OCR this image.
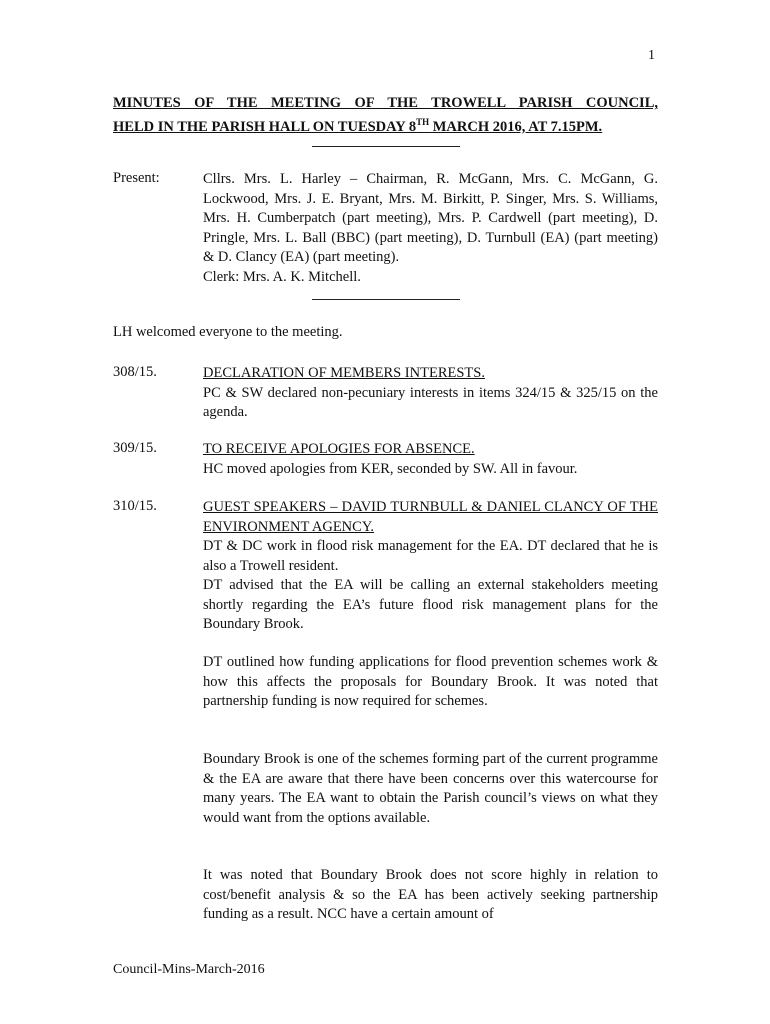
1
MINUTES OF THE MEETING OF THE TROWELL PARISH COUNCIL,
HELD IN THE PARISH HALL ON TUESDAY 8TH MARCH 2016, AT 7.15PM.
Present:	Cllrs. Mrs. L. Harley – Chairman, R. McGann, Mrs. C. McGann, G. Lockwood, Mrs. J. E. Bryant, Mrs. M. Birkitt, P. Singer, Mrs. S. Williams, Mrs. H. Cumberpatch (part meeting), Mrs. P. Cardwell (part meeting), D. Pringle, Mrs. L. Ball (BBC) (part meeting), D. Turnbull (EA) (part meeting) & D. Clancy (EA) (part meeting).

Clerk: Mrs. A. K. Mitchell.

LH welcomed everyone to the meeting.
308/15.	DECLARATION OF MEMBERS INTERESTS.

PC & SW declared non-pecuniary interests in items 324/15 & 325/15 on the agenda.

309/15.	TO RECEIVE APOLOGIES FOR ABSENCE.

HC moved apologies from KER, seconded by SW. All in favour.

310/15.	GUEST SPEAKERS – DAVID TURNBULL & DANIEL CLANCY OF THE ENVIRONMENT AGENCY.

DT & DC work in flood risk management for the EA. DT declared that he is also a Trowell resident.

DT advised that the EA will be calling an external stakeholders meeting shortly regarding the EA’s future flood risk management plans for the Boundary Brook.

DT outlined how funding applications for flood prevention schemes work & how this affects the proposals for Boundary Brook. It was noted that partnership funding is now required for schemes.
Boundary Brook is one of the schemes forming part of the current programme & the EA are aware that there have been concerns over this watercourse for many years. The EA want to obtain the Parish council’s views on what they would want from the options available.
It was noted that Boundary Brook does not score highly in relation to cost/benefit analysis & so the EA has been actively seeking partnership funding as a result. NCC have a certain amount of
Council-Mins-March-2016
